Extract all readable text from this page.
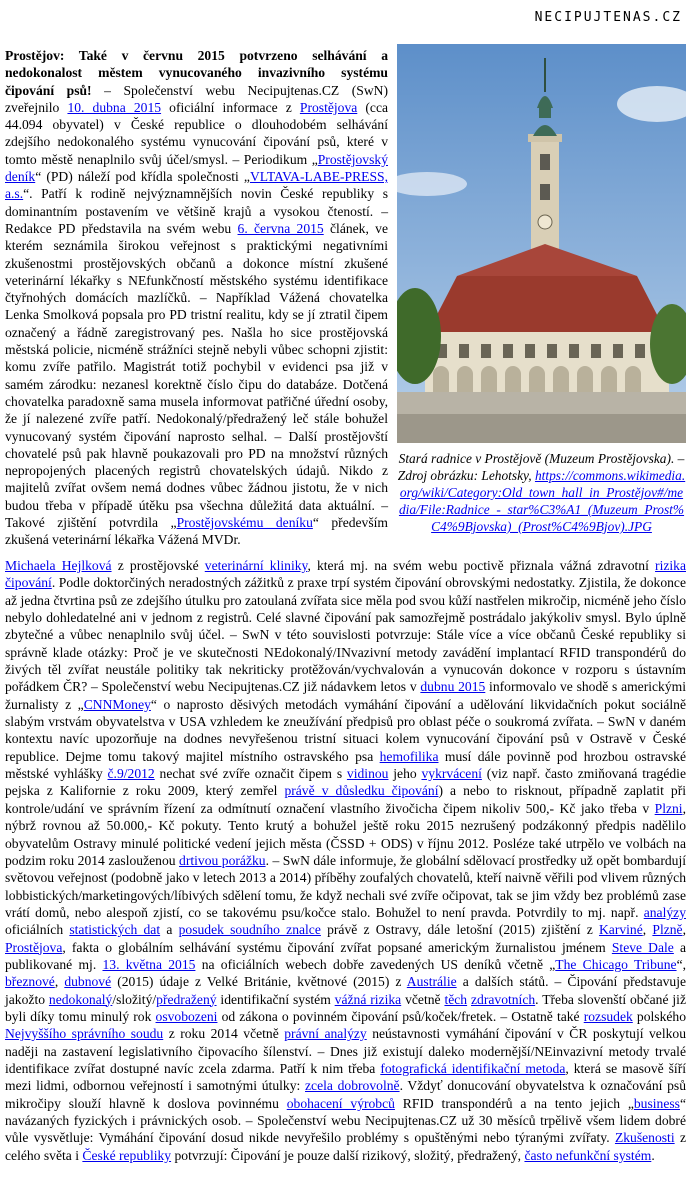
NECIPUJTENAS.CZ
Stará radnice v Prostějově (Muzeum Prostějovska). – Zdroj obrázku: Lehotsky, https://commons.wikimedia.org/wiki/Category:Old_town_hall_in_Prostějov#/media/File:Radnice_-_star%C3%A1_(Muzeum_Prost%C4%9Bjovska)_(Prost%C4%9Bjov).JPG
Prostějov: Také v červnu 2015 potvrzeno selhávání a nedokonalost městem vynucovaného invazivního systému čipování psů! – Společenství webu Necipujtenas.CZ (SwN) zveřejnilo 10. dubna 2015 oficiální informace z Prostějova (cca 44.094 obyvatel) v České republice o dlouhodobém selhávání zdejšího nedokonalého systému vynucování čipování psů, které v tomto městě nenaplnilo svůj účel/smysl. – Periodikum „Prostějovský deník“ (PD) náleží pod křídla společnosti „VLTAVA-LABE-PRESS, a.s.“. Patří k rodině nejvýznamnějších novin České republiky s dominantním postavením ve většině krajů a vysokou čteností. – Redakce PD představila na svém webu 6. června 2015 článek, ve kterém seznámila širokou veřejnost s praktickými negativními zkušenostmi prostějovských občanů a dokonce místní zkušené veterinární lékařky s NEfunkčností městského systému identifikace čtyřnohých domácích mazlíčků. – Například Vážená chovatelka Lenka Smolková popsala pro PD tristní realitu, kdy se jí ztratil čipem označený a řádně zaregistrovaný pes. Našla ho sice prostějovská městská policie, nicméně strážníci stejně nebyli vůbec schopni zjistit: komu zvíře patřilo. Magistrát totiž pochybil v evidenci psa již v samém zárodku: nezanesl korektně číslo čipu do databáze. Dotčená chovatelka paradoxně sama musela informovat patřičné úřední osoby, že jí nalezené zvíře patří. Nedokonalý/předražený leč stále bohužel vynucovaný systém čipování naprosto selhal. – Další prostějovští chovatelé psů pak hlavně poukazovali pro PD na množství různých nepropojených placených registrů chovatelských údajů. Nikdo z majitelů zvířat ovšem nemá dodnes vůbec žádnou jistotu, že v nich budou třeba v případě útěku psa všechna důležitá data aktuální. – Takové zjištění potvrdila „Prostějovskému deníku“ především zkušená veterinární lékařka Vážená MVDr.
Michaela Hejlková z prostějovské veterinární kliniky, která mj. na svém webu poctivě přiznala vážná zdravotní rizika čipování. Podle doktorčiných neradostných zážitků z praxe trpí systém čipování obrovskými nedostatky. Zjistila, že dokonce až jedna čtvrtina psů ze zdejšího útulku pro zatoulaná zvířata sice měla pod svou kůží nastřelen mikročip, nicméně jeho číslo nebylo dohledatelné ani v jednom z registrů. Celé slavné čipování pak samozřejmě postrádalo jakýkoliv smysl. Bylo úplně zbytečné a vůbec nenaplnilo svůj účel. – SwN v této souvislosti potvrzuje: Stále více a více občanů České republiky si správně klade otázky: Proč je ve skutečnosti NEdokonalý/INvazivní metody zavádění implantací RFID transpondérů do živých těl zvířat neustále politiky tak nekriticky protěžován/vychvalován a vynucován dokonce v rozporu s ústavním pořádkem ČR? – Společenství webu Necipujtenas.CZ již nádavkem letos v dubnu 2015 informovalo ve shodě s americkými žurnalisty z „CNNMoney“ o naprosto děsivých metodách vymáhání čipování a udělování likvidačních pokut sociálně slabým vrstvám obyvatelstva v USA vzhledem ke zneužívání předpisů pro oblast péče o soukromá zvířata. – SwN v daném kontextu navíc upozorňuje na dodnes nevyřešenou tristní situaci kolem vynucování čipování psů v Ostravě v České republice. Dejme tomu takový majitel místního ostravského psa hemofilika musí dále povinně pod hrozbou ostravské městské vyhlášky č.9/2012 nechat své zvíře označit čipem s vidinou jeho vykrvácení (viz např. často zmiňovaná tragédie pejska z Kalifornie z roku 2009, který zemřel právě v důsledku čipování) a nebo to risknout, případně zaplatit při kontrole/udání ve správním řízení za odmítnutí označení vlastního živočicha čipem nikoliv 500,- Kč jako třeba v Plzni, nýbrž rovnou až 50.000,- Kč pokuty. Tento krutý a bohužel ještě roku 2015 nezrušený podzákonný předpis nadělilo obyvatelům Ostravy minulé politické vedení jejich města (ČSSD + ODS) v říjnu 2012. Posléze také utrpělo ve volbách na podzim roku 2014 zaslouženou drtivou porážku. – SwN dále informuje, že globální sdělovací prostředky už opět bombardují světovou veřejnost (podobně jako v letech 2013 a 2014) příběhy zoufalých chovatelů, kteří naivně věřili pod vlivem různých lobbistických/marketingových/líbivých sdělení tomu, že když nechali své zvíře očipovat, tak se jim vždy bez problémů zase vrátí domů, nebo alespoň zjistí, co se takovému psu/kočce stalo. Bohužel to není pravda. Potvrdily to mj. např. analýzy oficiálních statistických dat a posudek soudního znalce právě z Ostravy, dále letošní (2015) zjištění z Karviné, Plzně, Prostějova, fakta o globálním selhávání systému čipování zvířat popsané americkým žurnalistou jménem Steve Dale a publikované mj. 13. května 2015 na oficiálních webech dobře zavedených US deníků včetně „The Chicago Tribune“, březnové, dubnové (2015) údaje z Velké Británie, květnové (2015) z Austrálie a dalších států. – Čipování představuje jakožto nedokonalý/složitý/předražený identifikační systém vážná rizika včetně těch zdravotních. Třeba slovenští občané již byli díky tomu minulý rok osvobozeni od zákona o povinném čipování psů/koček/fretek. – Ostatně také rozsudek polského Nejvyššího správního soudu z roku 2014 včetně právní analýzy neústavnosti vymáhání čipování v ČR poskytují velkou naději na zastavení legislativního čipovacího šílenství. – Dnes již existují daleko modernější/NEinvazivní metody trvalé identifikace zvířat dostupné navíc zcela zdarma. Patří k nim třeba fotografická identifikační metoda, která se masově šíří mezi lidmi, odbornou veřejností i samotnými útulky: zcela dobrovolně. Vždyť donucování obyvatelstva k označování psů mikročipy slouží hlavně k doslova povinnému obohacení výrobců RFID transpondérů a na tento jejich „business“ navázaných fyzických i právnických osob. – Společenství webu Necipujtenas.CZ už 30 měsíců trpělivě všem lidem dobré vůle vysvětluje: Vymáhání čipování dosud nikde nevyřešilo problémy s opuštěnými nebo týranými zvířaty. Zkušenosti z celého světa i České republiky potvrzují: Čipování je pouze další rizikový, složitý, předražený, často nefunkční systém.
